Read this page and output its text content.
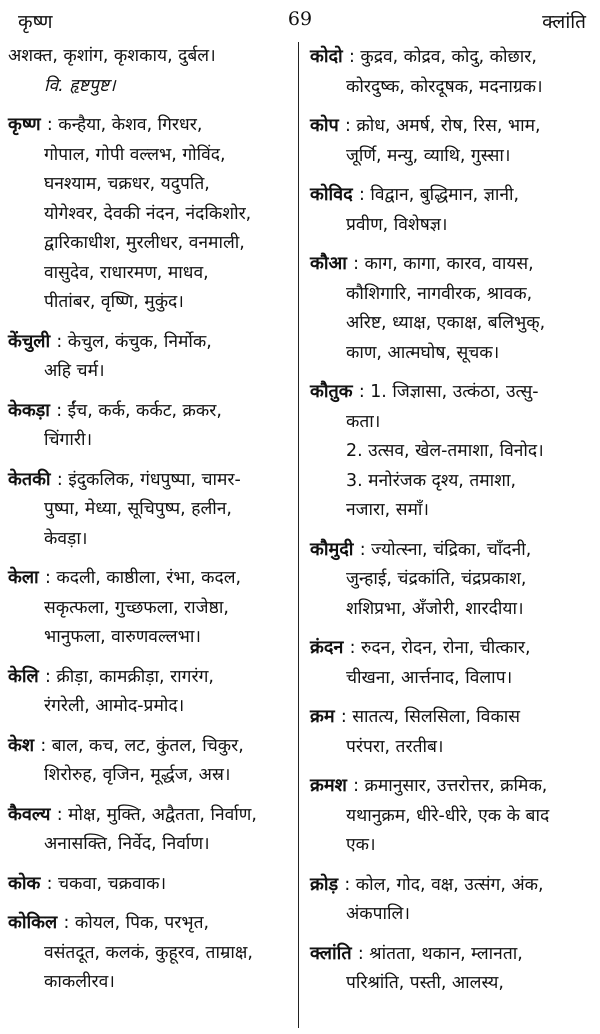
कृष्ण	69	क्लांति
अशक्त, कृशांग, कृशकाय, दुर्बल।
वि. हृष्टपुष्ट।
कृष्ण : कन्हैया, केशव, गिरधर,
गोपाल, गोपी वल्लभ, गोविंद,
घनश्याम, चक्रधर, यदुपति,
योगेश्वर, देवकी नंदन, नंदकिशोर,
द्वारिकाधीश, मुरलीधर, वनमाली,
वासुदेव, राधारमण, माधव,
पीतांबर, वृष्णि, मुकुंद।
केंचुली : केचुल, कंचुक, निर्मोक,
अहि चर्म।
केकड़ा : ईंच, कर्क, कर्कट, क्रकर,
चिंगारी।
केतकी : इंदुकलिक, गंधपुष्पा, चामर-
पुष्पा, मेध्या, सूचिपुष्प, हलीन,
केवड़ा।
केला : कदली, काष्ठीला, रंभा, कदल,
सकृत्फला, गुच्छफला, राजेष्ठा,
भानुफला, वारुणवल्लभा।
केलि : क्रीड़ा, कामक्रीड़ा, रागरंग,
रंगरेली, आमोद-प्रमोद।
केश : बाल, कच, लट, कुंतल, चिकुर,
शिरोरुह, वृजिन, मूर्द्धज, अस्र।
कैवल्य : मोक्ष, मुक्ति, अद्वैतता, निर्वाण,
अनासक्ति, निर्वेद, निर्वाण।
कोक : चकवा, चक्रवाक।
कोकिल : कोयल, पिक, परभृत,
वसंतदूत, कलकं, कुहूरव, ताम्राक्ष,
काकलीरव।
कोदो : कुद्रव, कोद्रव, कोदु, कोछार,
कोरदुष्क, कोरदूषक, मदनाग्रक।
कोप : क्रोध, अमर्ष, रोष, रिस, भाम,
जूर्णि, मन्यु, व्याथि, गुस्सा।
कोविद : विद्वान, बुद्धिमान, ज्ञानी,
प्रवीण, विशेषज्ञ।
कौआ : काग, कागा, कारव, वायस,
कौशिगारि, नागवीरक, श्रावक,
अरिष्ट, ध्याक्ष, एकाक्ष, बलिभुक्,
काण, आत्मघोष, सूचक।
कौतुक : 1. जिज्ञासा, उत्कंठा, उत्सु-
कता।
2. उत्सव, खेल-तमाशा, विनोद।
3. मनोरंजक दृश्य, तमाशा,
नजारा, समाँ।
कौमुदी : ज्योत्स्ना, चंद्रिका, चाँदनी,
जुन्हाई, चंद्रकांति, चंद्रप्रकाश,
शशिप्रभा, अँजोरी, शारदीया।
क्रंदन : रुदन, रोदन, रोना, चीत्कार,
चीखना, आर्त्तनाद, विलाप।
क्रम : सातत्य, सिलसिला, विकास
परंपरा, तरतीब।
क्रमश : क्रमानुसार, उत्तरोत्तर, क्रमिक,
यथानुक्रम, धीरे-धीरे, एक के बाद
एक।
क्रोड़ : कोल, गोद, वक्ष, उत्संग, अंक,
अंकपालि।
क्लांति : श्रांतता, थकान, म्लानता,
परिश्रांति, पस्ती, आलस्य,
